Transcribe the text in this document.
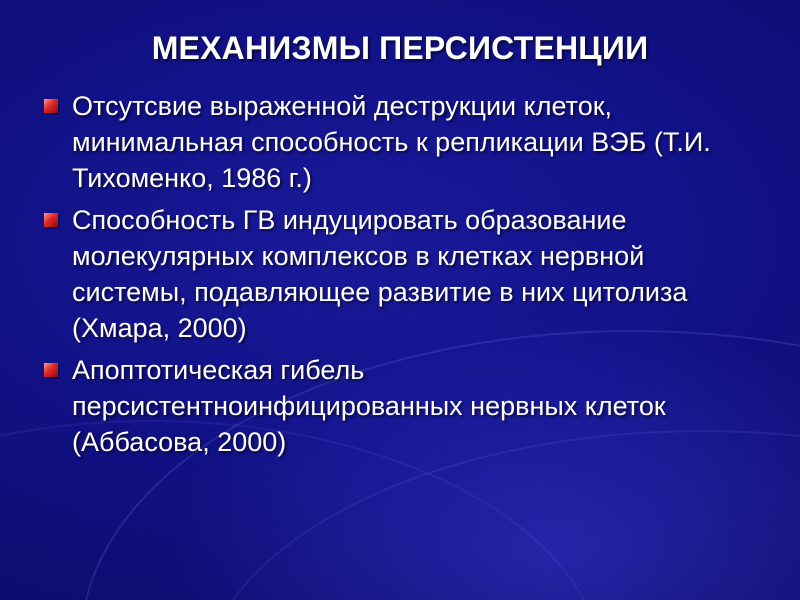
МЕХАНИЗМЫ ПЕРСИСТЕНЦИИ
Отсутсвие выраженной деструкции клеток, минимальная способность к репликации ВЭБ (Т.И. Тихоменко, 1986 г.)
Способность ГВ индуцировать образование молекулярных комплексов в клетках нервной системы, подавляющее развитие в них цитолиза (Хмара, 2000)
Апоптотическая гибель персистентноинфицированных нервных клеток (Аббасова, 2000)
